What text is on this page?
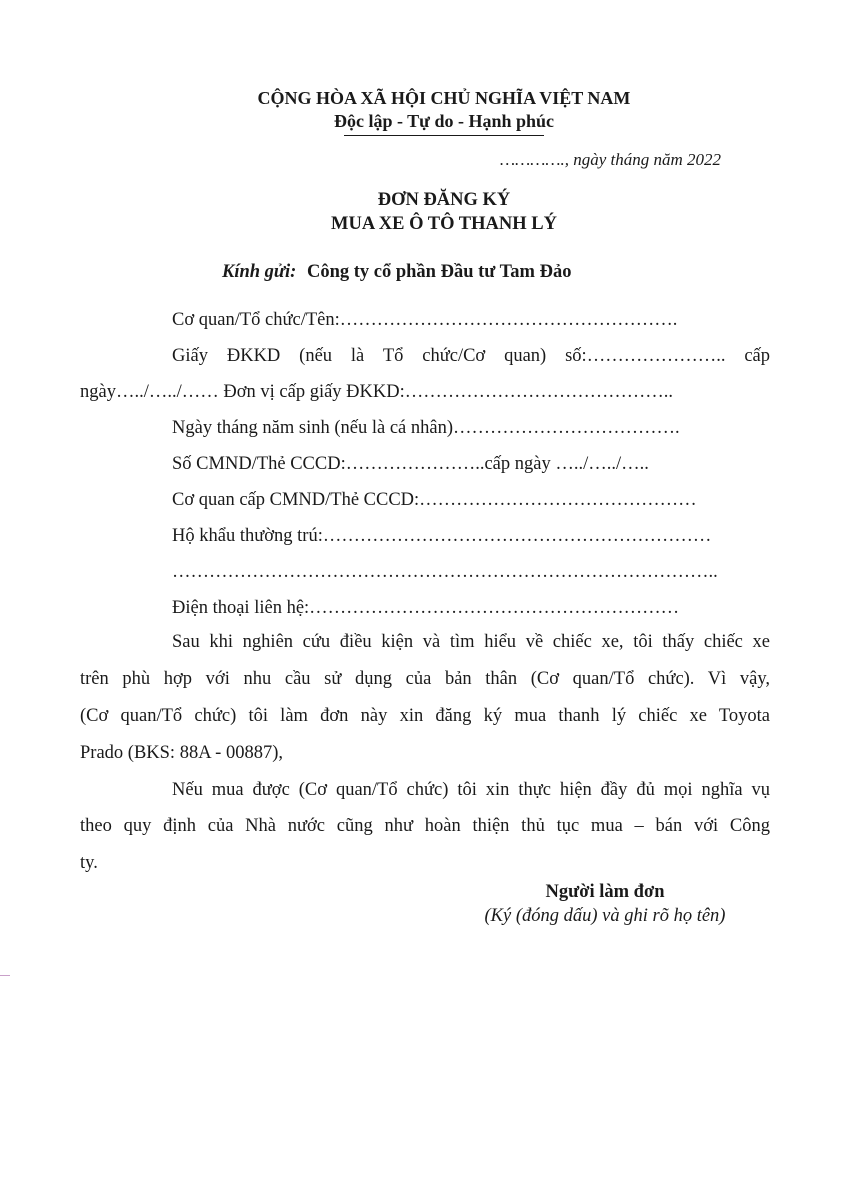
CỘNG HÒA XÃ HỘI CHỦ NGHĨA VIỆT NAM
Độc lập - Tự do - Hạnh phúc
…………., ngày tháng năm 2022
ĐƠN ĐĂNG KÝ
MUA XE Ô TÔ THANH LÝ
Kính gửi: Công ty cổ phần Đầu tư Tam Đảo
Cơ quan/Tổ chức/Tên:……………………………………………….
Giấy ĐKKD (nếu là Tổ chức/Cơ quan) số:………………….. cấp
ngày…../…../…… Đơn vị cấp giấy ĐKKD:……………………………………..
Ngày tháng năm sinh (nếu là cá nhân)……………………………….
Số CMND/Thẻ CCCD:…………………..cấp ngày …../…../…..
Cơ quan cấp CMND/Thẻ CCCD:………………………………………
Hộ khẩu thường trú:………………………………………………………
……………………………………………………………………………..
Điện thoại liên hệ:……………………………………………………
Sau khi nghiên cứu điều kiện và tìm hiểu về chiếc xe, tôi thấy chiếc xe
trên phù hợp với nhu cầu sử dụng của bản thân (Cơ quan/Tổ chức). Vì vậy,
(Cơ quan/Tổ chức) tôi làm đơn này xin đăng ký mua thanh lý chiếc xe Toyota
Prado (BKS: 88A - 00887),
Nếu mua được (Cơ quan/Tổ chức) tôi xin thực hiện đầy đủ mọi nghĩa vụ
theo quy định của Nhà nước cũng như hoàn thiện thủ tục mua – bán với Công
ty.
Người làm đơn
(Ký (đóng dấu) và ghi rõ họ tên)
